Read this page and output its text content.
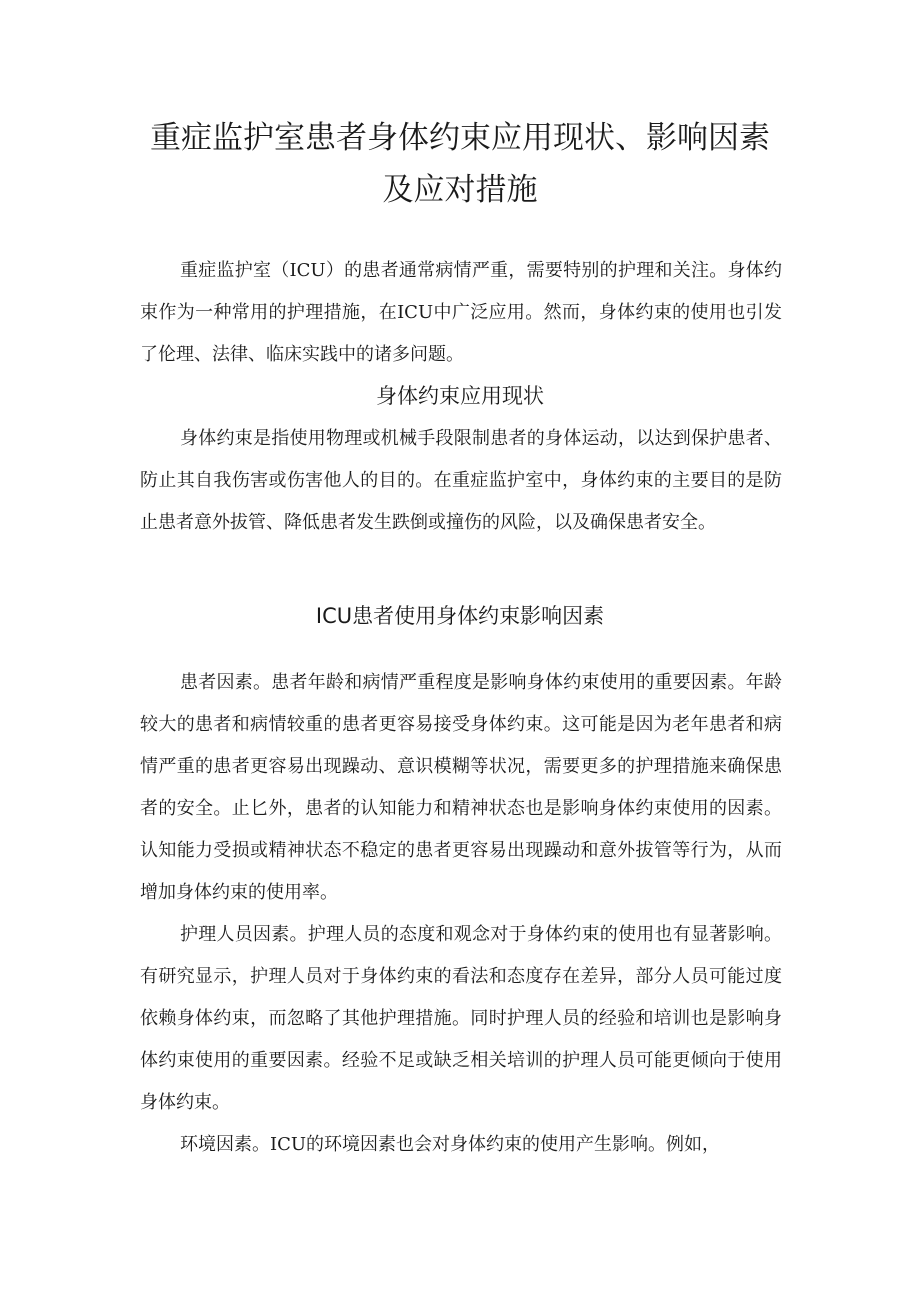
重症监护室患者身体约束应用现状、影响因素及应对措施

重症监护室（ICU）的患者通常病情严重，需要特别的护理和关注。身体约束作为一种常用的护理措施，在ICU中广泛应用。然而，身体约束的使用也引发了伦理、法律、临床实践中的诸多问题。

身体约束应用现状

身体约束是指使用物理或机械手段限制患者的身体运动，以达到保护患者、防止其自我伤害或伤害他人的目的。在重症监护室中，身体约束的主要目的是防止患者意外拔管、降低患者发生跌倒或撞伤的风险，以及确保患者安全。

ICU患者使用身体约束影响因素

患者因素。患者年龄和病情严重程度是影响身体约束使用的重要因素。年龄较大的患者和病情较重的患者更容易接受身体约束。这可能是因为老年患者和病情严重的患者更容易出现躁动、意识模糊等状况，需要更多的护理措施来确保患者的安全。止匕外，患者的认知能力和精神状态也是影响身体约束使用的因素。认知能力受损或精神状态不稳定的患者更容易出现躁动和意外拔管等行为，从而增加身体约束的使用率。

护理人员因素。护理人员的态度和观念对于身体约束的使用也有显著影响。有研究显示，护理人员对于身体约束的看法和态度存在差异，部分人员可能过度依赖身体约束，而忽略了其他护理措施。同时护理人员的经验和培训也是影响身体约束使用的重要因素。经验不足或缺乏相关培训的护理人员可能更倾向于使用身体约束。

环境因素。ICU的环境因素也会对身体约束的使用产生影响。例如，
